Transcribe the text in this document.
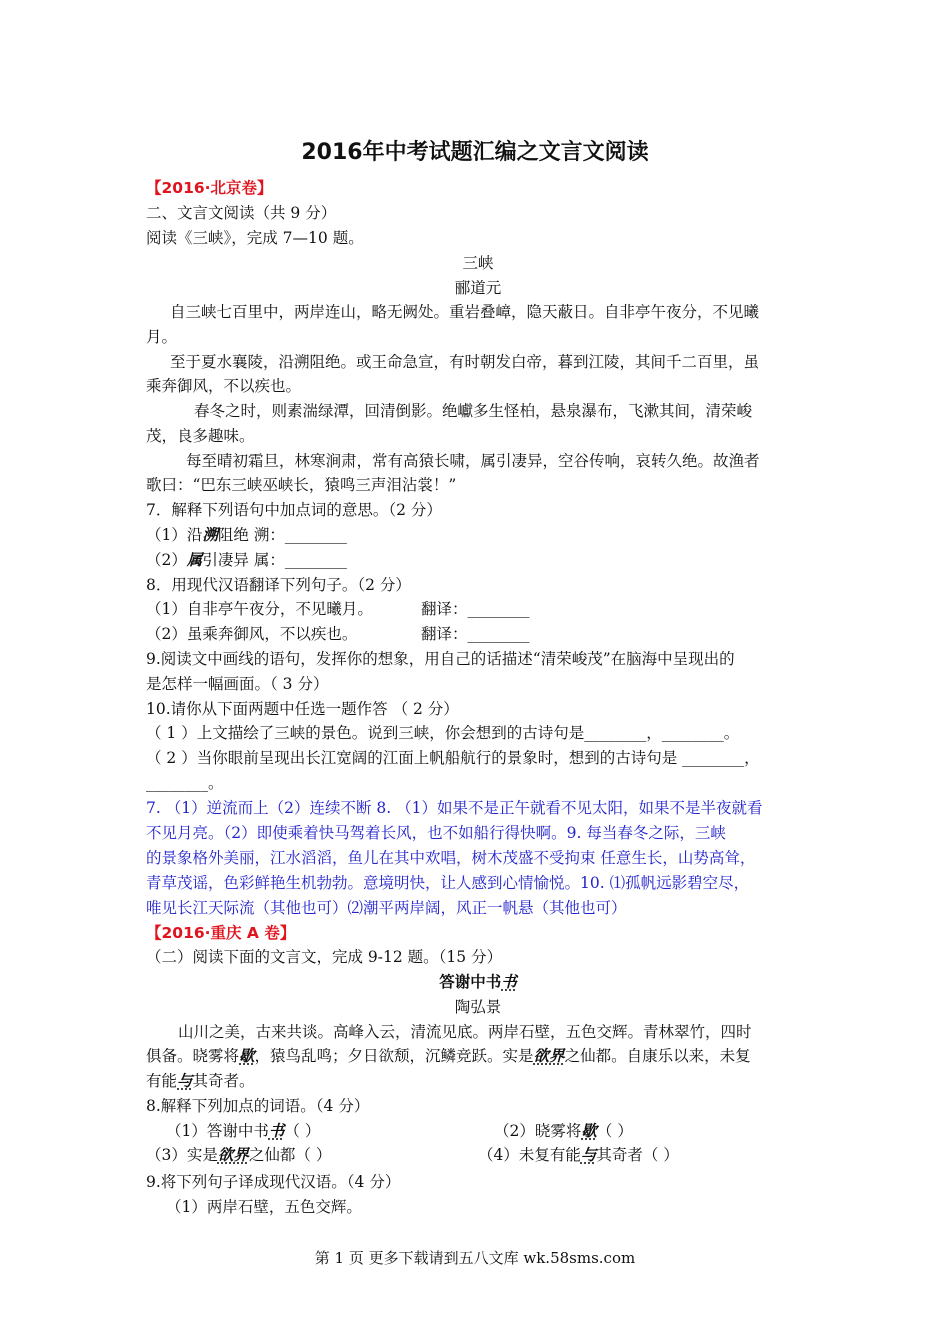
2016年中考试题汇编之文言文阅读
【2016·北京卷】
二、文言文阅读（共 9 分）
阅读《三峡》，完成 7—10 题。
三峡
郦道元
自三峡七百里中，两岸连山，略无阙处。重岩叠嶂，隐天蔽日。自非亭午夜分，不见曦
月。
至于夏水襄陵，沿溯阻绝。或王命急宣，有时朝发白帝，暮到江陵，其间千二百里，虽
乘奔御风，不以疾也。
春冬之时，则素湍绿潭，回清倒影。绝巘多生怪柏，悬泉瀑布，飞漱其间，清荣峻
茂，良多趣味。
每至晴初霜旦，林寒涧肃，常有高猿长啸，属引凄异，空谷传响，哀转久绝。故渔者
歌曰：“巴东三峡巫峡长，猿鸣三声泪沾裳！”
7．解释下列语句中加点词的意思。（2 分）
（1）沿溯阻绝 溯：________
（2）属引凄异 属：________
8．用现代汉语翻译下列句子。（2 分）
（1）自非亭午夜分，不见曦月。	翻译：________
（2）虽乘奔御风，不以疾也。	翻译：________
9.阅读文中画线的语句，发挥你的想象，用自己的话描述“清荣峻茂”在脑海中呈现出的
是怎样一幅画面。（ 3 分）
10.请你从下面两题中任选一题作答 （ 2 分）
（ 1 ）上文描绘了三峡的景色。说到三峡，你会想到的古诗句是________，________。
（ 2 ）当你眼前呈现出长江宽阔的江面上帆船航行的景象时，想到的古诗句是 ________，
________。
7. （1）逆流而上（2）连续不断 8. （1）如果不是正午就看不见太阳，如果不是半夜就看
不见月亮。（2）即使乘着快马驾着长风，也不如船行得快啊。9. 每当春冬之际，三峡
的景象格外美丽，江水滔滔，鱼儿在其中欢唱，树木茂盛不受拘束 任意生长，山势高耸，
青草茂谣，色彩鲜艳生机勃勃。意境明快，让人感到心情愉悦。10. ⑴孤帆远影碧空尽，
唯见长江天际流（其他也可）⑵潮平两岸阔，风正一帆悬（其他也可）
【2016·重庆 A 卷】
（二）阅读下面的文言文，完成 9-12 题。（15 分）
答谢中书书
陶弘景
山川之美，古来共谈。高峰入云，清流见底。两岸石壁，五色交辉。青林翠竹，四时
俱备。晓雾将歇，猿鸟乱鸣；夕日欲颓，沉鳞竞跃。实是欲界之仙都。自康乐以来，未复
有能与其奇者。
8.解释下列加点的词语。（4 分）
（1）答谢中书书（ ）	（2）晓雾将歇（ ）
（3）实是欲界之仙都（ ）	（4）未复有能与其奇者（ ）
9.将下列句子译成现代汉语。（4 分）
（1）两岸石壁，五色交辉。
第 1 页 更多下载请到五八文库 wk.58sms.com
